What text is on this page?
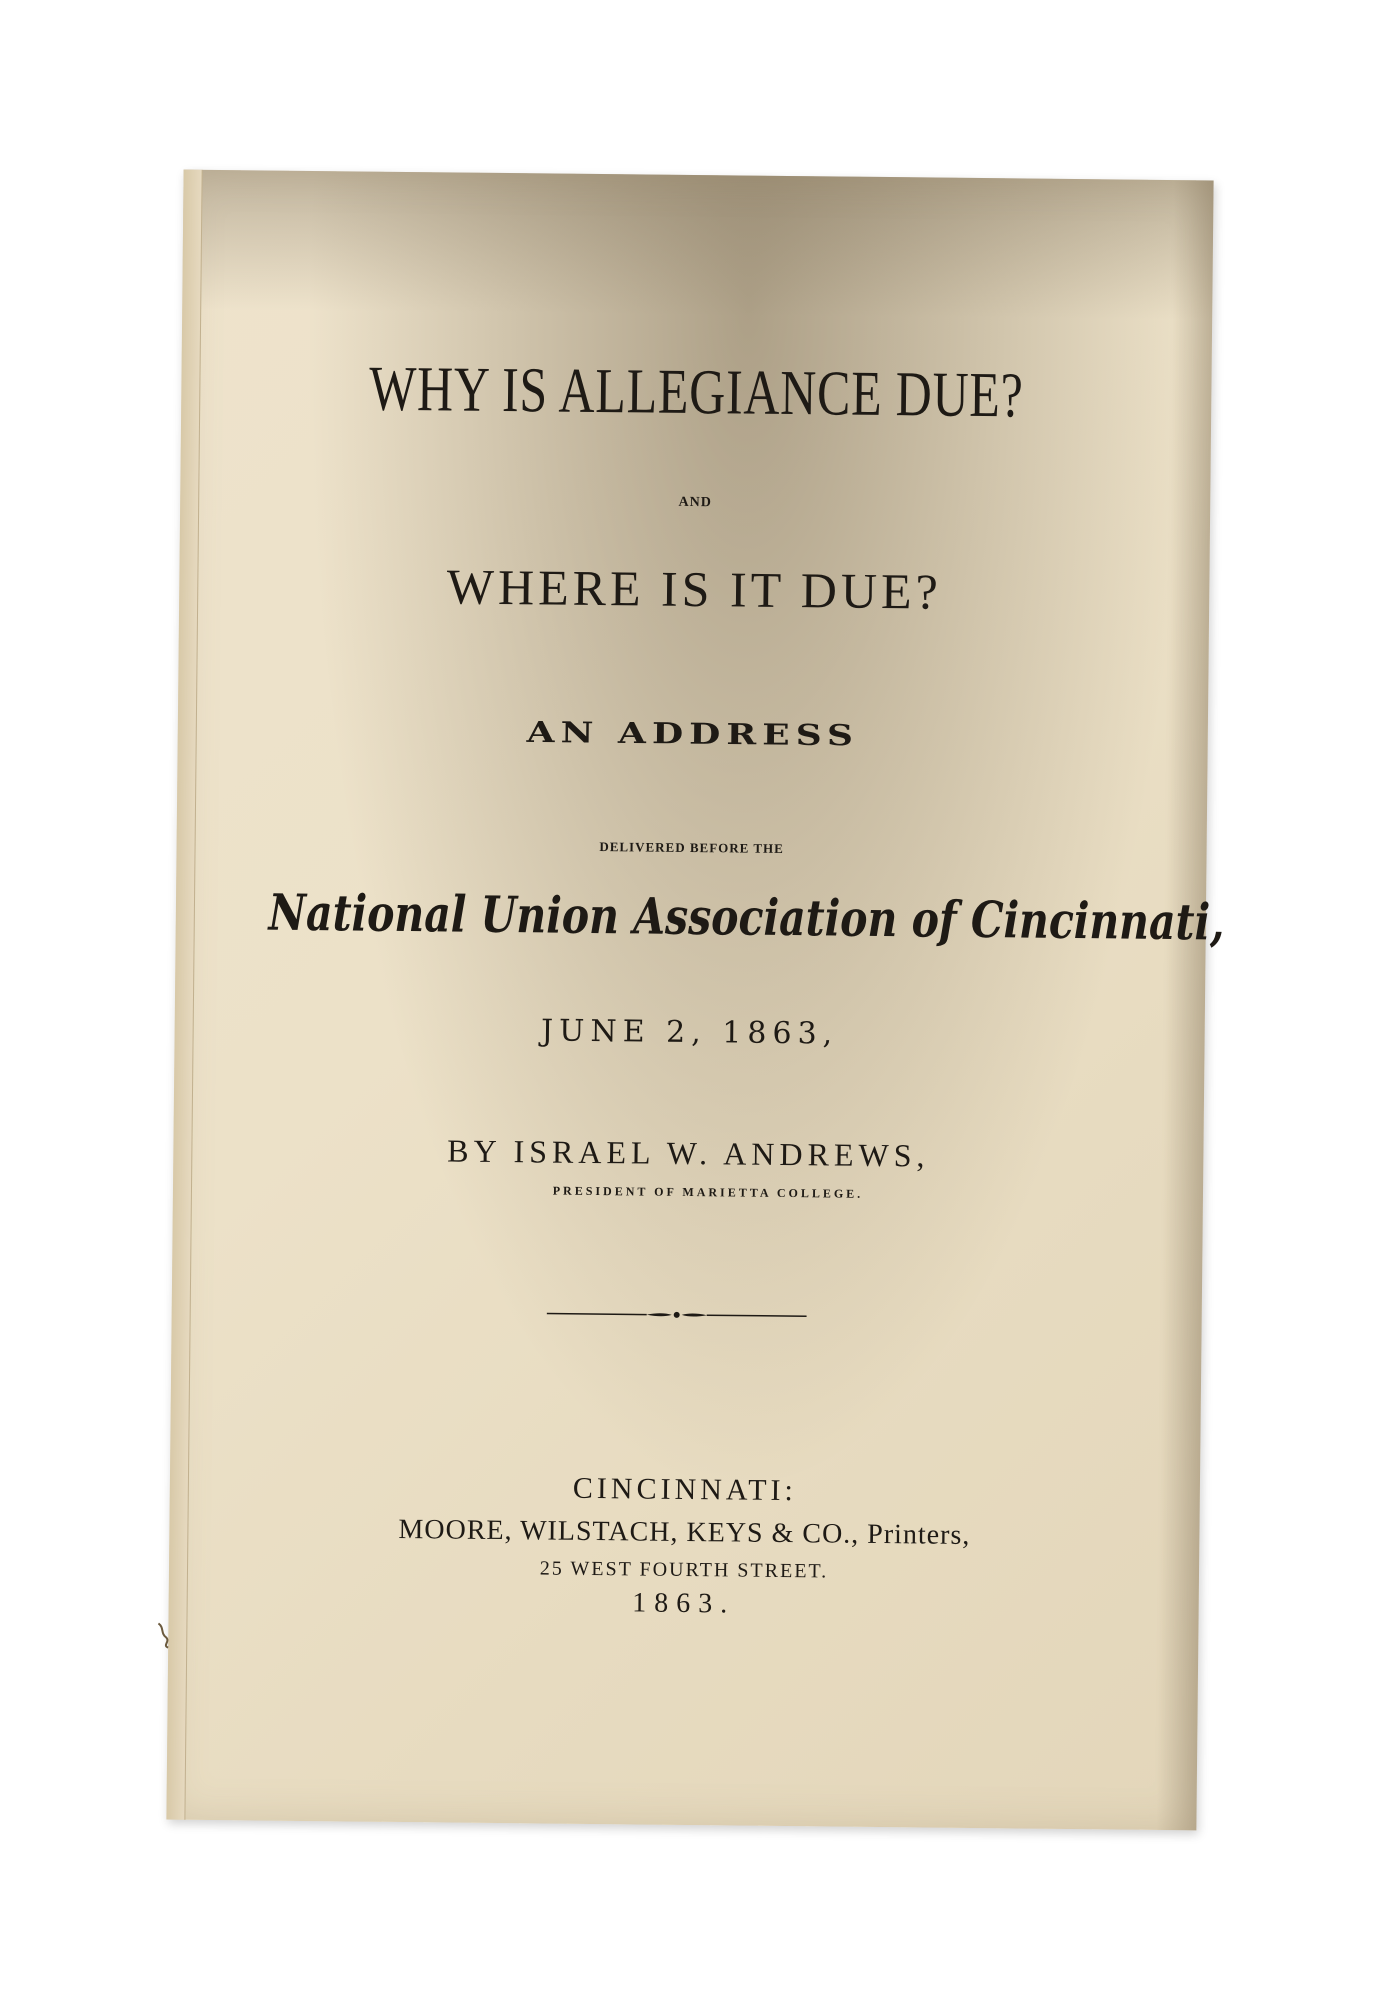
WHY IS ALLEGIANCE DUE?
AND
WHERE IS IT DUE?
AN ADDRESS
DELIVERED BEFORE THE
National Union Association of Cincinnati,
JUNE 2, 1863,
BY ISRAEL W. ANDREWS,
PRESIDENT OF MARIETTA COLLEGE.
CINCINNATI:
MOORE, WILSTACH, KEYS & CO., Printers,
25 WEST FOURTH STREET.
1863.
